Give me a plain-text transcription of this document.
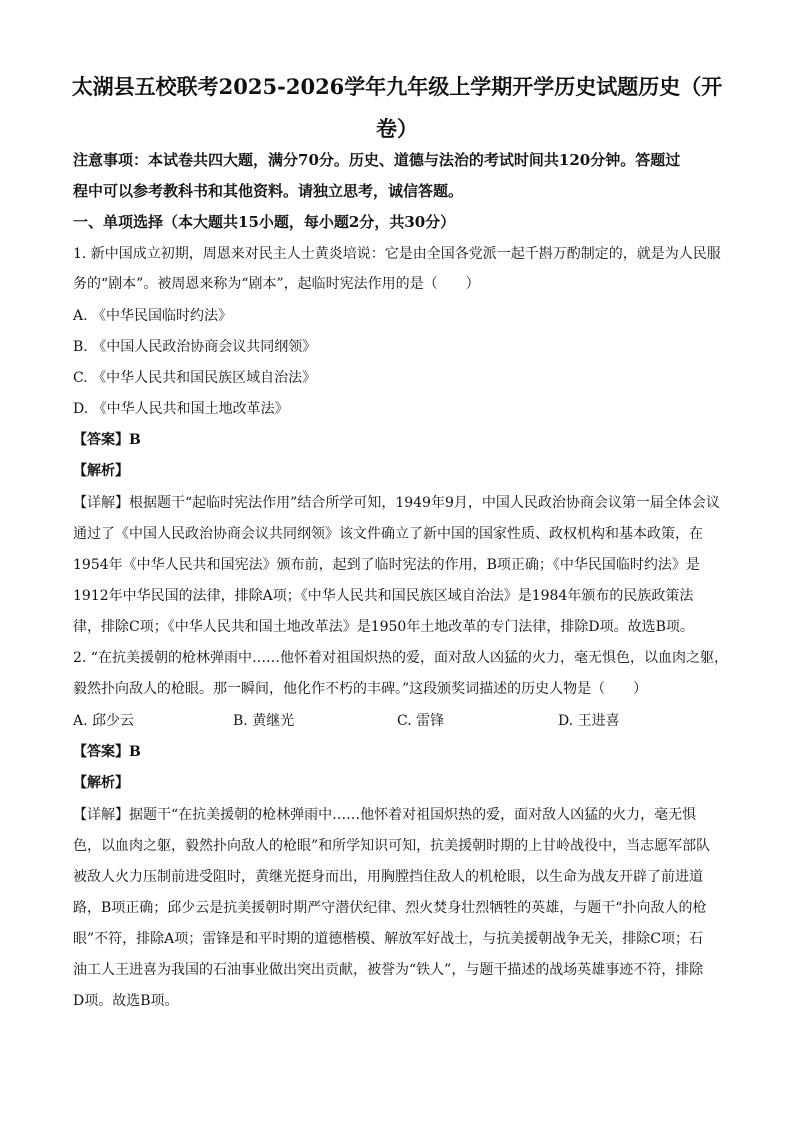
太湖县五校联考2025-2026学年九年级上学期开学历史试题历史（开
卷）
注意事项：本试卷共四大题，满分70分。历史、道德与法治的考试时间共120分钟。答题过
程中可以参考教科书和其他资料。请独立思考，诚信答题。
一、单项选择（本大题共15小题，每小题2分，共30分）
1. 新中国成立初期，周恩来对民主人士黄炎培说：它是由全国各党派一起千斟万酌制定的，就是为人民服
务的“剧本”。被周恩来称为“剧本”，起临时宪法作用的是（　　）
A. 《中华民国临时约法》
B. 《中国人民政治协商会议共同纲领》
C. 《中华人民共和国民族区域自治法》
D. 《中华人民共和国土地改革法》
【答案】B
【解析】
【详解】根据题干“起临时宪法作用”结合所学可知，1949年9月，中国人民政治协商会议第一届全体会议
通过了《中国人民政治协商会议共同纲领》该文件确立了新中国的国家性质、政权机构和基本政策，在
1954年《中华人民共和国宪法》颁布前，起到了临时宪法的作用，B项正确；《中华民国临时约法》是
1912年中华民国的法律，排除A项；《中华人民共和国民族区域自治法》是1984年颁布的民族政策法
律，排除C项；《中华人民共和国土地改革法》是1950年土地改革的专门法律，排除D项。故选B项。
2. “在抗美援朝的枪林弹雨中……他怀着对祖国炽热的爱，面对敌人凶猛的火力，毫无惧色，以血肉之躯，
毅然扑向敌人的枪眼。那一瞬间，他化作不朽的丰碑。”这段颁奖词描述的历史人物是（　　）
A. 邱少云	B. 黄继光	C. 雷锋	D. 王进喜
【答案】B
【解析】
【详解】据题干“在抗美援朝的枪林弹雨中……他怀着对祖国炽热的爱，面对敌人凶猛的火力，毫无惧
色，以血肉之躯，毅然扑向敌人的枪眼”和所学知识可知，抗美援朝时期的上甘岭战役中，当志愿军部队
被敌人火力压制前进受阻时，黄继光挺身而出，用胸膛挡住敌人的机枪眼，以生命为战友开辟了前进道
路，B项正确；邱少云是抗美援朝时期严守潜伏纪律、烈火焚身壮烈牺牲的英雄，与题干“扑向敌人的枪
眼”不符，排除A项；雷锋是和平时期的道德楷模、解放军好战士，与抗美援朝战争无关，排除C项；石
油工人王进喜为我国的石油事业做出突出贡献，被誉为“铁人”，与题干描述的战场英雄事迹不符，排除
D项。故选B项。
